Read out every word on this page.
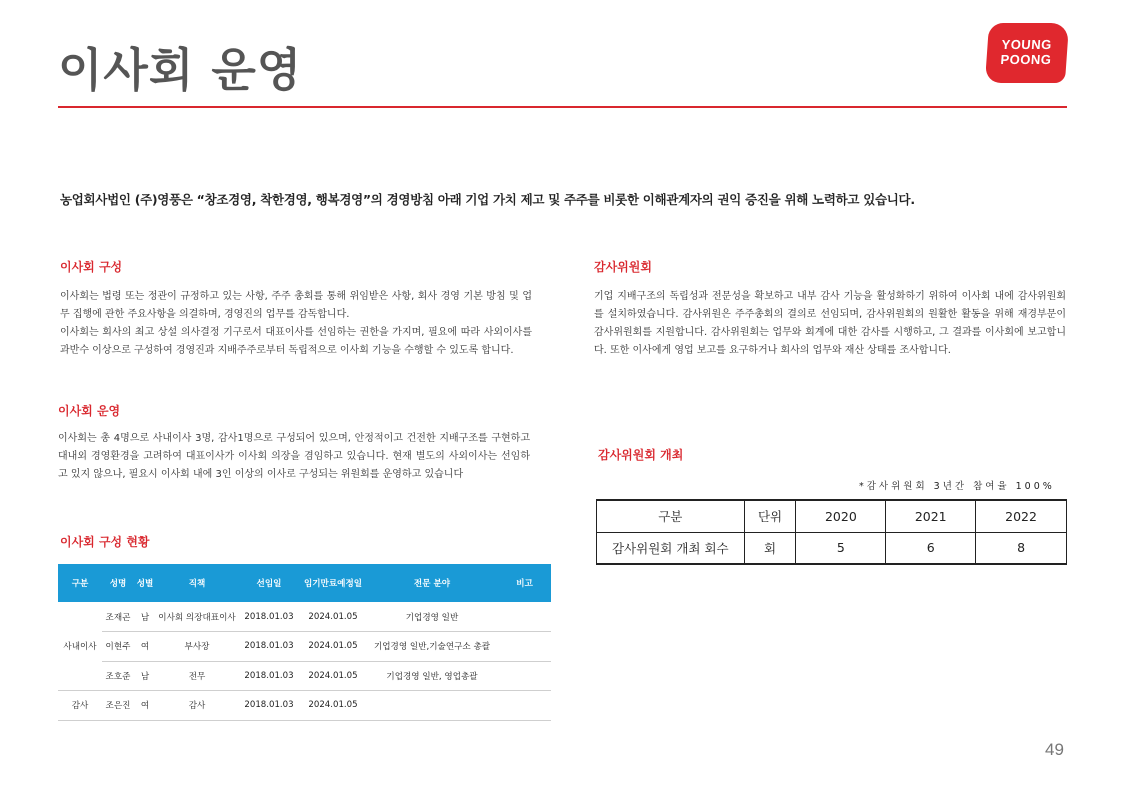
이사회 운영	YOUNG
POONG
농업회사법인 (주)영풍은 “창조경영, 착한경영, 행복경영”의 경영방침 아래 기업 가치 제고 및 주주를 비롯한 이해관계자의 권익 증진을 위해 노력하고 있습니다.
이사회 구성
이사회는 법령 또는 정관이 규정하고 있는 사항, 주주 총회를 통해 위임받은 사항, 회사 경영 기본 방침 및 업무 집행에 관한 주요사항을 의결하며, 경영진의 업무를 감독합니다.
이사회는 회사의 최고 상설 의사결정 기구로서 대표이사를 선임하는 권한을 가지며, 필요에 따라 사외이사를 과반수 이상으로 구성하여 경영진과 지배주주로부터 독립적으로 이사회 기능을 수행할 수 있도록 합니다.
이사회 운영
이사회는 총 4명으로 사내이사 3명, 감사1명으로 구성되어 있으며, 안정적이고 건전한 지배구조를 구현하고 대내외 경영환경을 고려하여 대표이사가 이사회 의장을 겸임하고 있습니다. 현재 별도의 사외이사는 선임하고 있지 않으나, 필요시 이사회 내에 3인 이상의 이사로 구성되는 위원회를 운영하고 있습니다
이사회 구성 현황
구분	성명	성별	직책	선임일	임기만료예정일	전문 분야	비고
사내이사	조재곤	남	이사회 의장대표이사	2018.01.03	2024.01.05	기업경영 일반	
	이현주	여	부사장	2018.01.03	2024.01.05	기업경영 일반,기술연구소 총괄	
	조호준	남	전무	2018.01.03	2024.01.05	기업경영 일반, 영업총괄	
감사	조은진	여	감사	2018.01.03	2024.01.05		
감사위원회
기업 지배구조의 독립성과 전문성을 확보하고 내부 감사 기능을 활성화하기 위하여 이사회 내에 감사위원회를 설치하였습니다. 감사위원은 주주총회의 결의로 선임되며, 감사위원회의 원활한 활동을 위해 재경부문이 감사위원회를 지원합니다. 감사위원회는 업무와 회계에 대한 감사를 시행하고, 그 결과를 이사회에 보고합니다. 또한 이사에게 영업 보고를 요구하거나 회사의 업무와 재산 상태를 조사합니다.
감사위원회 개최
*감사위원회 3년간 참여율 100%
구분	단위	2020	2021	2022
감사위원회 개최 회수	회	5	6	8
49
